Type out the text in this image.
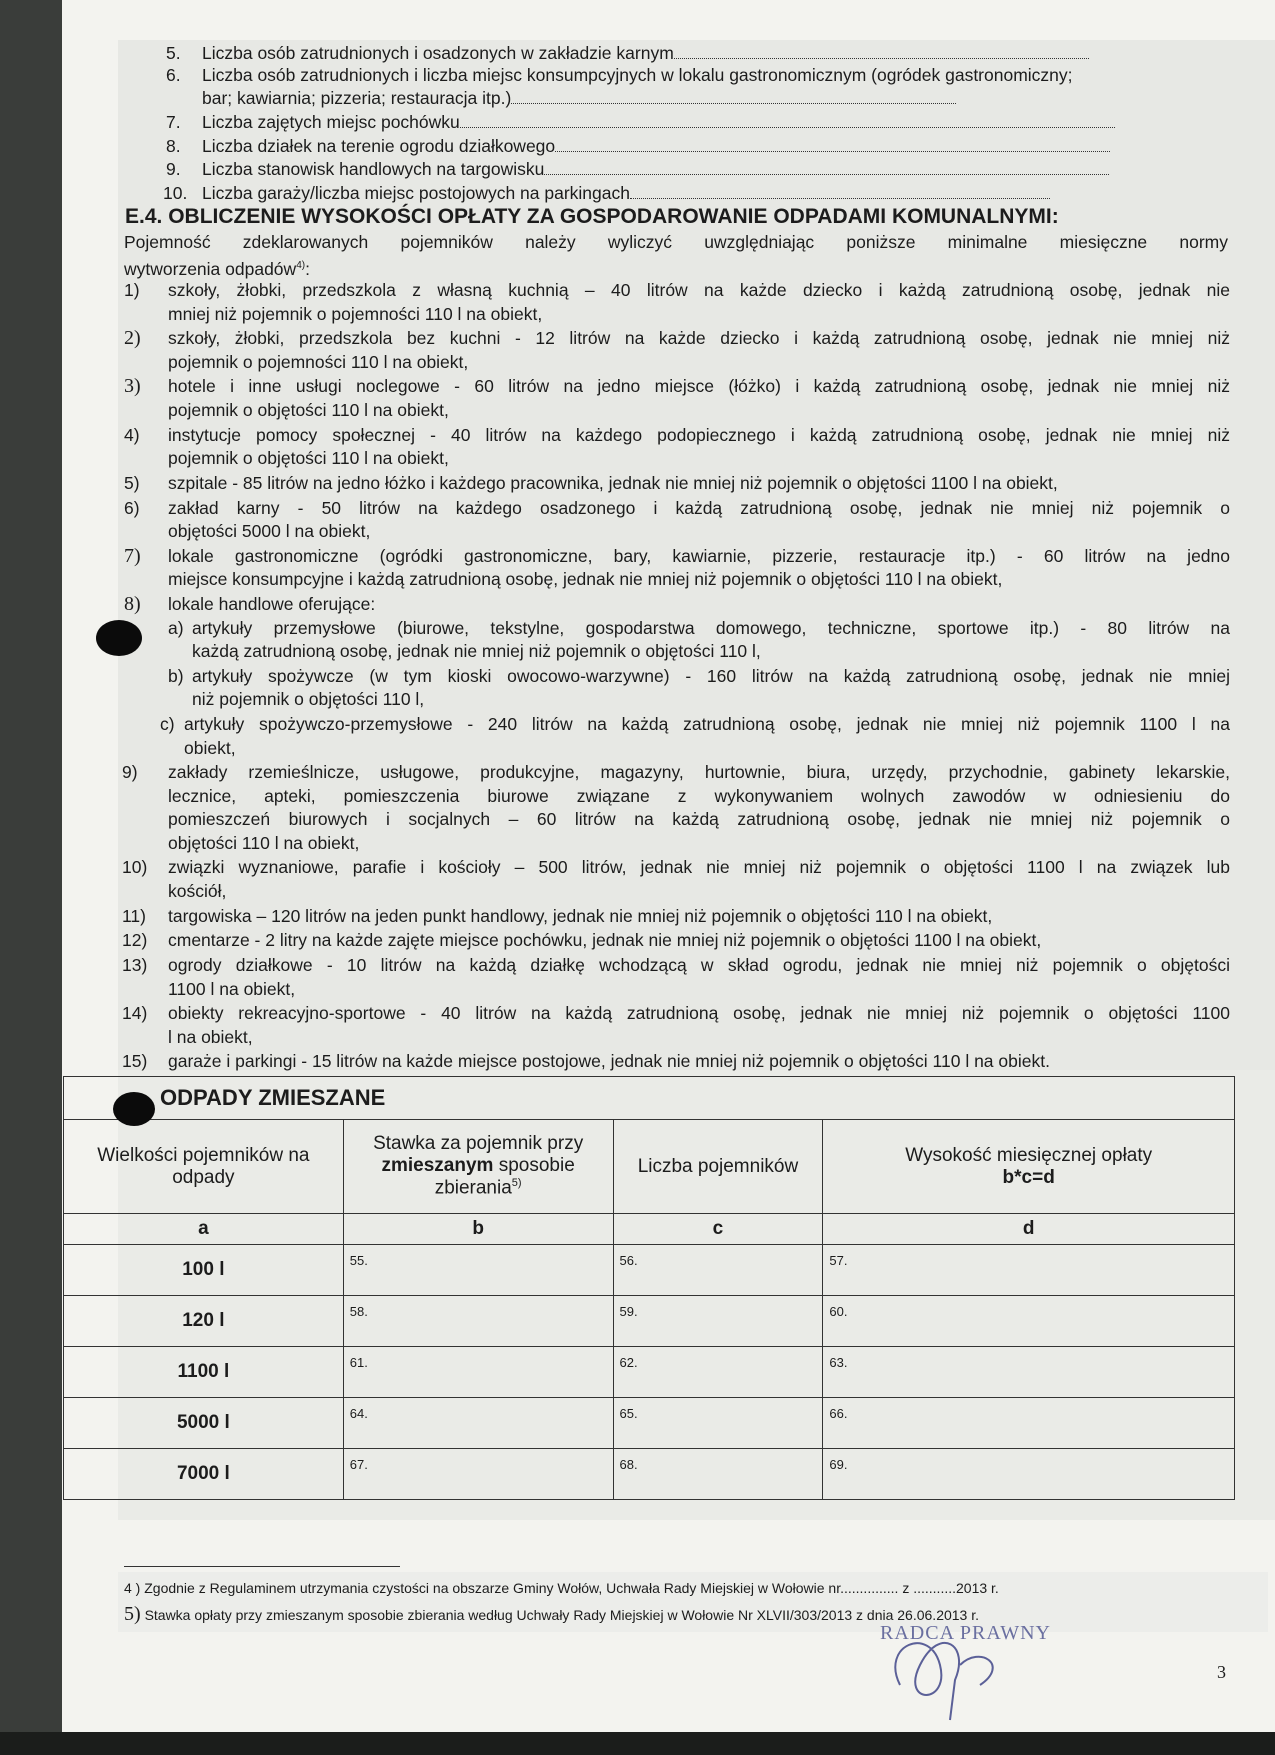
5. Liczba osób zatrudnionych i osadzonych w zakładzie karnym
6. Liczba osób zatrudnionych i liczba miejsc konsumpcyjnych w lokalu gastronomicznym (ogródek gastronomiczny;
bar; kawiarnia; pizzeria; restauracja itp.)
7. Liczba zajętych miejsc pochówku
8. Liczba działek na terenie ogrodu działkowego
9. Liczba stanowisk handlowych na targowisku
10. Liczba garaży/liczba miejsc postojowych na parkingach
E.4. OBLICZENIE WYSOKOŚCI OPŁATY ZA GOSPODAROWANIE ODPADAMI KOMUNALNYMI:
Pojemność zdeklarowanych pojemników należy wyliczyć uwzględniając poniższe minimalne miesięczne normy
wytworzenia odpadów$^{4)}$:
1) szkoły, żłobki, przedszkola z własną kuchnią – 40 litrów na każde dziecko i każdą zatrudnioną osobę, jednak nie
mniej niż pojemnik o pojemności 110 l na obiekt,
2) szkoły, żłobki, przedszkola bez kuchni - 12 litrów na każde dziecko i każdą zatrudnioną osobę, jednak nie mniej niż
pojemnik o pojemności 110 l na obiekt,
3) hotele i inne usługi noclegowe - 60 litrów na jedno miejsce (łóżko) i każdą zatrudnioną osobę, jednak nie mniej niż
pojemnik o objętości 110 l na obiekt,
4) instytucje pomocy społecznej - 40 litrów na każdego podopiecznego i każdą zatrudnioną osobę, jednak nie mniej niż
pojemnik o objętości 110 l na obiekt,
5) szpitale - 85 litrów na jedno łóżko i każdego pracownika, jednak nie mniej niż pojemnik o objętości 1100 l na obiekt,
6) zakład karny - 50 litrów na każdego osadzonego i każdą zatrudnioną osobę, jednak nie mniej niż pojemnik o
objętości 5000 l na obiekt,
7) lokale gastronomiczne (ogródki gastronomiczne, bary, kawiarnie, pizzerie, restauracje itp.) - 60 litrów na jedno
miejsce konsumpcyjne i każdą zatrudnioną osobę, jednak nie mniej niż pojemnik o objętości 110 l na obiekt,
8) lokale handlowe oferujące:
a) artykuły przemysłowe (biurowe, tekstylne, gospodarstwa domowego, techniczne, sportowe itp.) - 80 litrów na
każdą zatrudnioną osobę, jednak nie mniej niż pojemnik o objętości 110 l,
b) artykuły spożywcze (w tym kioski owocowo-warzywne) - 160 litrów na każdą zatrudnioną osobę, jednak nie mniej
niż pojemnik o objętości 110 l,
c) artykuły spożywczo-przemysłowe - 240 litrów na każdą zatrudnioną osobę, jednak nie mniej niż pojemnik 1100 l na
obiekt,
9) zakłady rzemieślnicze, usługowe, produkcyjne, magazyny, hurtownie, biura, urzędy, przychodnie, gabinety lekarskie,
lecznice, apteki, pomieszczenia biurowe związane z wykonywaniem wolnych zawodów w odniesieniu do
pomieszczeń biurowych i socjalnych – 60 litrów na każdą zatrudnioną osobę, jednak nie mniej niż pojemnik o
objętości 110 l na obiekt,
10) związki wyznaniowe, parafie i kościoły – 500 litrów, jednak nie mniej niż pojemnik o objętości 1100 l na związek lub
kościół,
11) targowiska – 120 litrów na jeden punkt handlowy, jednak nie mniej niż pojemnik o objętości 110 l na obiekt,
12) cmentarze - 2 litry na każde zajęte miejsce pochówku, jednak nie mniej niż pojemnik o objętości 1100 l na obiekt,
13) ogrody działkowe - 10 litrów na każdą działkę wchodzącą w skład ogrodu, jednak nie mniej niż pojemnik o objętości
1100 l na obiekt,
14) obiekty rekreacyjno-sportowe - 40 litrów na każdą zatrudnioną osobę, jednak nie mniej niż pojemnik o objętości 1100
l na obiekt,
15) garaże i parkingi - 15 litrów na każde miejsce postojowe, jednak nie mniej niż pojemnik o objętości 110 l na obiekt.
ODPADY ZMIESZANE
Wielkości pojemników na odpady	Stawka za pojemnik przy
zmieszanym sposobie
zbierania$^{5)}$	Liczba pojemników	Wysokość miesięcznej opłaty
b*c=d
a	b	c	d
100 l	55.	56.	57.

120 l	58.	59.	60.

1100 l	61.	62.	63.

5000 l	64.	65.	66.

7000 l	67.	68.	69.
4 ) Zgodnie z Regulaminem utrzymania czystości na obszarze Gminy Wołów, Uchwała Rady Miejskiej w Wołowie nr............... z ...........2013 r.
5) Stawka opłaty przy zmieszanym sposobie zbierania według Uchwały Rady Miejskiej w Wołowie Nr XLVII/303/2013 z dnia 26.06.2013 r.
RADCA PRAWNY
3
